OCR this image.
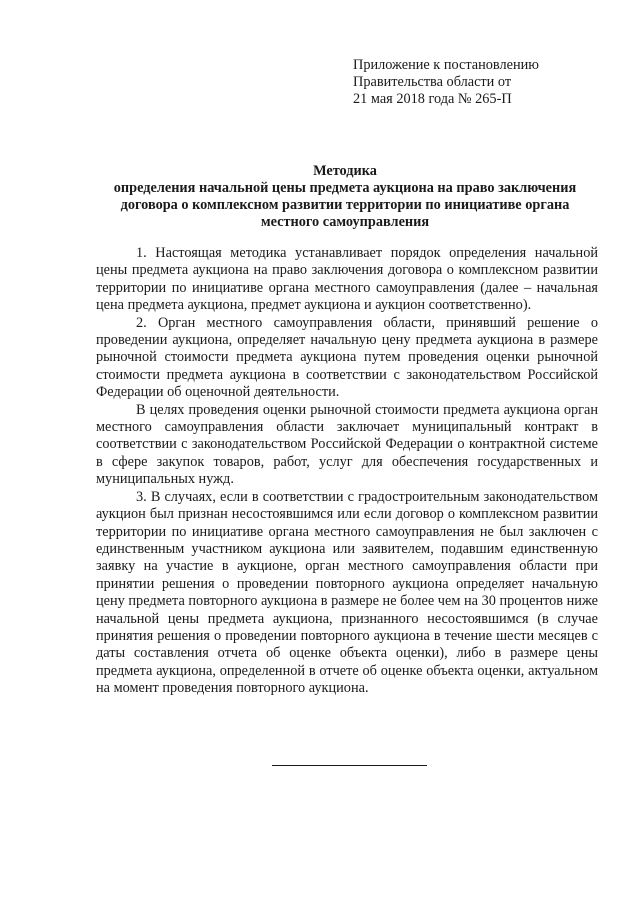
Приложение к постановлению
Правительства области от
21 мая 2018 года № 265-П
Методика
определения начальной цены предмета аукциона на право заключения
договора о комплексном развитии территории по инициативе органа
местного самоуправления

1. Настоящая методика устанавливает порядок определения начальной цены предмета аукциона на право заключения договора о комплексном развитии территории по инициативе органа местного самоуправления (далее – начальная цена предмета аукциона, предмет аукциона и аукцион соответственно).

2. Орган местного самоуправления области, принявший решение о проведении аукциона, определяет начальную цену предмета аукциона в размере рыночной стоимости предмета аукциона путем проведения оценки рыночной стоимости предмета аукциона в соответствии с законодательством Российской Федерации об оценочной деятельности.

В целях проведения оценки рыночной стоимости предмета аукциона орган местного самоуправления области заключает муниципальный контракт в соответствии с законодательством Российской Федерации о контрактной системе в сфере закупок товаров, работ, услуг для обеспечения государственных и муниципальных нужд.

3. В случаях, если в соответствии с градостроительным законодательством аукцион был признан несостоявшимся или если договор о комплексном развитии территории по инициативе органа местного самоуправления не был заключен с единственным участником аукциона или заявителем, подавшим единственную заявку на участие в аукционе, орган местного самоуправления области при принятии решения о проведении повторного аукциона определяет начальную цену предмета повторного аукциона в размере не более чем на 30 процентов ниже начальной цены предмета аукциона, признанного несостоявшимся (в случае принятия решения о проведении повторного аукциона в течение шести месяцев с даты составления отчета об оценке объекта оценки), либо в размере цены предмета аукциона, определенной в отчете об оценке объекта оценки, актуальном на момент проведения повторного аукциона.
